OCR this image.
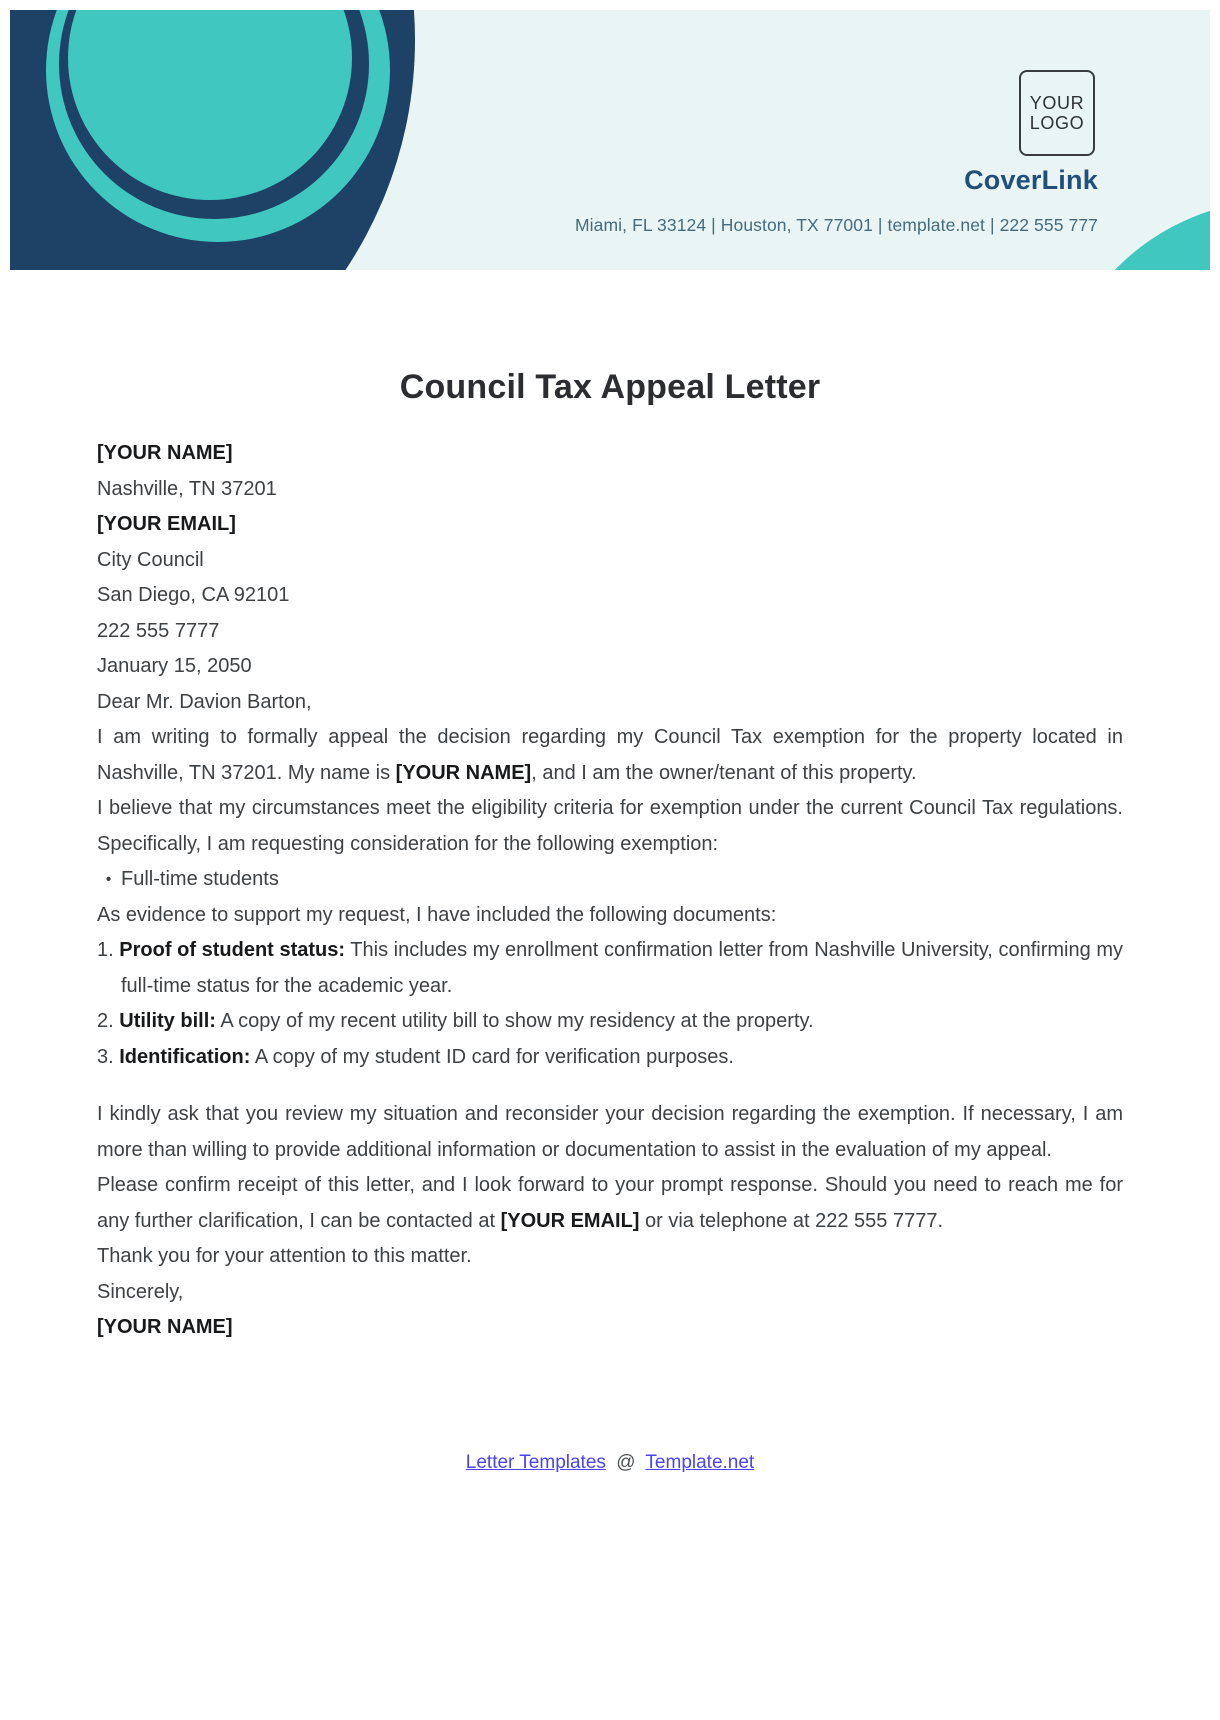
YOUR
LOGO
CoverLink
Miami, FL 33124 | Houston, TX 77001 | template.net | 222 555 777
Council Tax Appeal Letter
[YOUR NAME]
Nashville, TN 37201
[YOUR EMAIL]
City Council
San Diego, CA 92101
222 555 7777
January 15, 2050
Dear Mr. Davion Barton,
I am writing to formally appeal the decision regarding my Council Tax exemption for the property located in Nashville, TN 37201. My name is [YOUR NAME], and I am the owner/tenant of this property.
I believe that my circumstances meet the eligibility criteria for exemption under the current Council Tax regulations. Specifically, I am requesting consideration for the following exemption:
• Full-time students
As evidence to support my request, I have included the following documents:
1. Proof of student status: This includes my enrollment confirmation letter from Nashville University, confirming my full-time status for the academic year.
2. Utility bill: A copy of my recent utility bill to show my residency at the property.
3. Identification: A copy of my student ID card for verification purposes.
I kindly ask that you review my situation and reconsider your decision regarding the exemption. If necessary, I am more than willing to provide additional information or documentation to assist in the evaluation of my appeal.
Please confirm receipt of this letter, and I look forward to your prompt response. Should you need to reach me for any further clarification, I can be contacted at [YOUR EMAIL] or via telephone at 222 555 7777.
Thank you for your attention to this matter.
Sincerely,
[YOUR NAME]
Letter Templates @ Template.net
